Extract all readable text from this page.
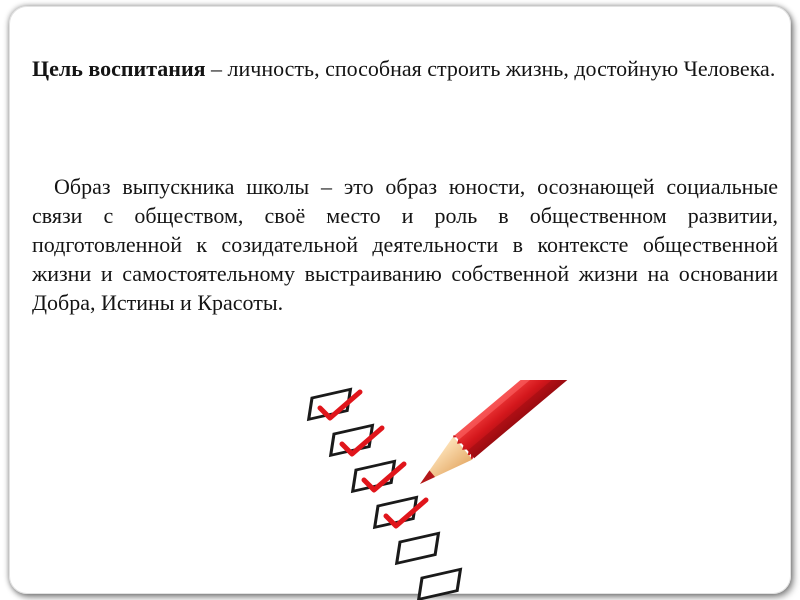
Цель воспитания – личность, способная строить жизнь, достойную Человека.

Образ выпускника школы – это образ юности, осознающей социальные связи с обществом, своё место и роль в общественном развитии, подготовленной к созидательной деятельности в контексте общественной жизни и самостоятельному выстраиванию собственной жизни на основании Добра, Истины и Красоты.
